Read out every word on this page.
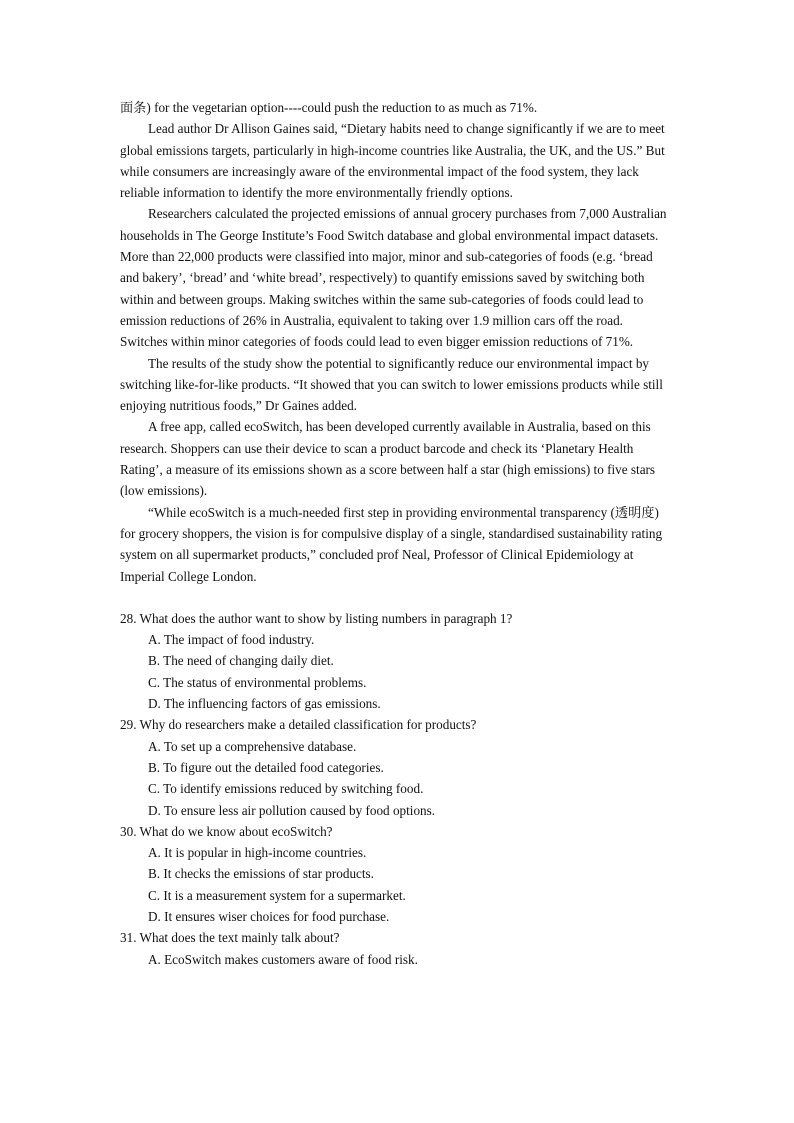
面条) for the vegetarian option----could push the reduction to as much as 71%.

Lead author Dr Allison Gaines said, “Dietary habits need to change significantly if we are to meet global emissions targets, particularly in high-income countries like Australia, the UK, and the US.” But while consumers are increasingly aware of the environmental impact of the food system, they lack reliable information to identify the more environmentally friendly options.

Researchers calculated the projected emissions of annual grocery purchases from 7,000 Australian households in The George Institute’s Food Switch database and global environmental impact datasets. More than 22,000 products were classified into major, minor and sub-categories of foods (e.g. ‘bread and bakery’, ‘bread’ and ‘white bread’, respectively) to quantify emissions saved by switching both within and between groups. Making switches within the same sub-categories of foods could lead to emission reductions of 26% in Australia, equivalent to taking over 1.9 million cars off the road. Switches within minor categories of foods could lead to even bigger emission reductions of 71%.

The results of the study show the potential to significantly reduce our environmental impact by switching like-for-like products. “It showed that you can switch to lower emissions products while still enjoying nutritious foods,” Dr Gaines added.

A free app, called ecoSwitch, has been developed currently available in Australia, based on this research. Shoppers can use their device to scan a product barcode and check its ‘Planetary Health Rating’, a measure of its emissions shown as a score between half a star (high emissions) to five stars (low emissions).

“While ecoSwitch is a much-needed first step in providing environmental transparency (透明度) for grocery shoppers, the vision is for compulsive display of a single, standardised sustainability rating system on all supermarket products,” concluded prof Neal, Professor of Clinical Epidemiology at Imperial College London.

28. What does the author want to show by listing numbers in paragraph 1?

A. The impact of food industry.

B. The need of changing daily diet.

C. The status of environmental problems.

D. The influencing factors of gas emissions.

29. Why do researchers make a detailed classification for products?

A. To set up a comprehensive database.

B. To figure out the detailed food categories.

C. To identify emissions reduced by switching food.

D. To ensure less air pollution caused by food options.

30. What do we know about ecoSwitch?

A. It is popular in high-income countries.

B. It checks the emissions of star products.

C. It is a measurement system for a supermarket.

D. It ensures wiser choices for food purchase.

31. What does the text mainly talk about?

A. EcoSwitch makes customers aware of food risk.
